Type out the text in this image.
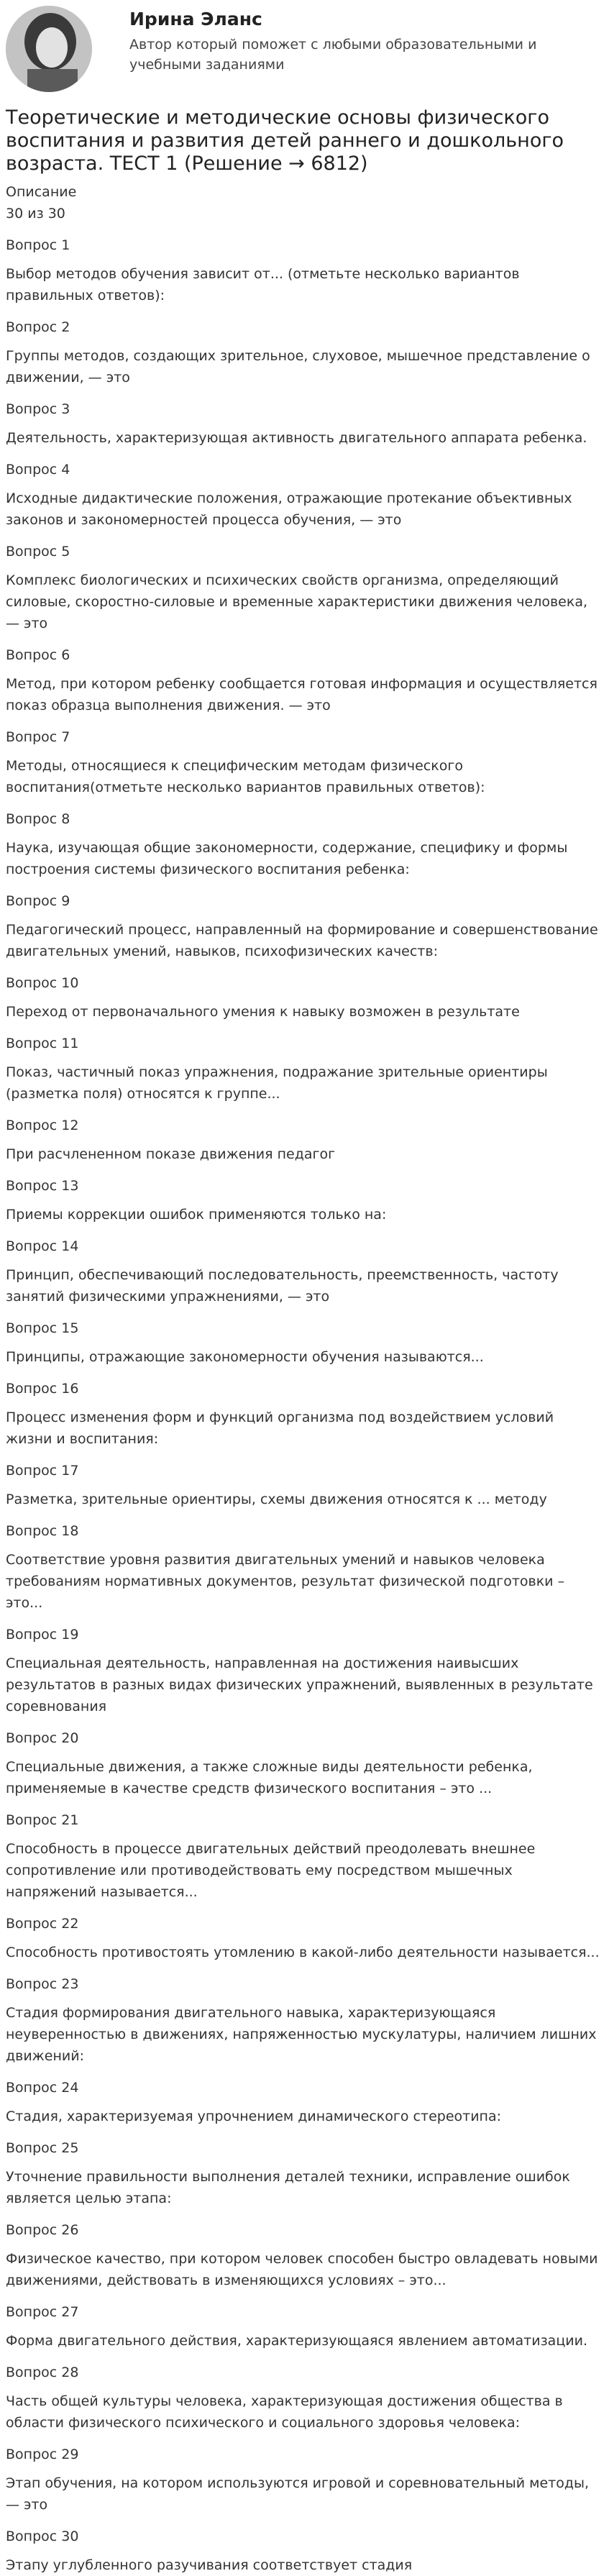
Ирина Эланс

Автор который поможет с любыми образовательными и учебными заданиями

Теоретические и методические основы физического воспитания и развития детей раннего и дошкольного возраста. ТЕСТ 1 (Решение → 6812)
Описание
30 из 30
Вопрос 1
Выбор методов обучения зависит от... (отметьте несколько вариантов правильных ответов):
Вопрос 2
Группы методов, создающих зрительное, слуховое, мышечное представление о движении, — это
Вопрос 3
Деятельность, характеризующая активность двигательного аппарата ребенка.
Вопрос 4
Исходные дидактические положения, отражающие протекание объективных законов и закономерностей процесса обучения, — это
Вопрос 5
Комплекс биологических и психических свойств организма, определяющий силовые, скоростно-силовые и временные характеристики движения человека, — это
Вопрос 6
Метод, при котором ребенку сообщается готовая информация и осуществляется показ образца выполнения движения. — это
Вопрос 7
Методы, относящиеся к специфическим методам физического воспитания(отметьте несколько вариантов правильных ответов):
Вопрос 8
Наука, изучающая общие закономерности, содержание, специфику и формы построения системы физического воспитания ребенка:
Вопрос 9
Педагогический процесс, направленный на формирование и совершенствование двигательных умений, навыков, психофизических качеств:
Вопрос 10
Переход от первоначального умения к навыку возможен в результате
Вопрос 11
Показ, частичный показ упражнения, подражание зрительные ориентиры (разметка поля) относятся к группе...
Вопрос 12
При расчлененном показе движения педагог
Вопрос 13
Приемы коррекции ошибок применяются только на:
Вопрос 14
Принцип, обеспечивающий последовательность, преемственность, частоту занятий физическими упражнениями, — это
Вопрос 15
Принципы, отражающие закономерности обучения называются...
Вопрос 16
Процесс изменения форм и функций организма под воздействием условий жизни и воспитания:
Вопрос 17
Разметка, зрительные ориентиры, схемы движения относятся к ... методу
Вопрос 18
Соответствие уровня развития двигательных умений и навыков человека требованиям нормативных документов, результат физической подготовки – это...
Вопрос 19
Специальная деятельность, направленная на достижения наивысших результатов в разных видах физических упражнений, выявленных в результате соревнования
Вопрос 20
Специальные движения, а также сложные виды деятельности ребенка, применяемые в качестве средств физического воспитания – это ...
Вопрос 21
Способность в процессе двигательных действий преодолевать внешнее сопротивление или противодействовать ему посредством мышечных напряжений называется...
Вопрос 22
Способность противостоять утомлению в какой-либо деятельности называется...
Вопрос 23
Стадия формирования двигательного навыка, характеризующаяся неуверенностью в движениях, напряженностью мускулатуры, наличием лишних движений:
Вопрос 24
Стадия, характеризуемая упрочнением динамического стереотипа:
Вопрос 25
Уточнение правильности выполнения деталей техники, исправление ошибок является целью этапа:
Вопрос 26
Физическое качество, при котором человек способен быстро овладевать новыми движениями, действовать в изменяющихся условиях – это...
Вопрос 27
Форма двигательного действия, характеризующаяся явлением автоматизации.
Вопрос 28
Часть общей культуры человека, характеризующая достижения общества в области физического психического и социального здоровья человека:
Вопрос 29
Этап обучения, на котором используются игровой и соревновательный методы, — это
Вопрос 30
Этапу углубленного разучивания соответствует стадия
